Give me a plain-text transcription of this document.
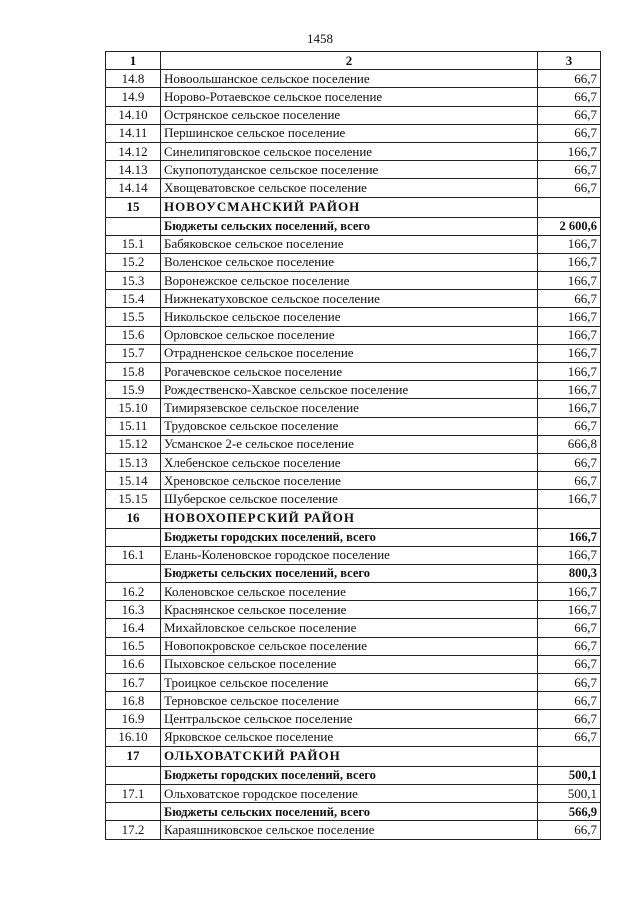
1458
1	2	3
14.8	Новоольшанское сельское поселение	66,7
14.9	Норово-Ротаевское сельское поселение	66,7
14.10	Острянское сельское поселение	66,7
14.11	Першинское сельское поселение	66,7
14.12	Синелипяговское сельское поселение	166,7
14.13	Скупопотуданское сельское поселение	66,7
14.14	Хвощеватовское сельское поселение	66,7
15	НОВОУСМАНСКИЙ РАЙОН	
	Бюджеты сельских поселений, всего	2 600,6
15.1	Бабяковское сельское поселение	166,7
15.2	Воленское сельское поселение	166,7
15.3	Воронежское сельское поселение	166,7
15.4	Нижнекатуховское сельское поселение	66,7
15.5	Никольское сельское поселение	166,7
15.6	Орловское сельское поселение	166,7
15.7	Отрадненское сельское поселение	166,7
15.8	Рогачевское сельское поселение	166,7
15.9	Рождественско-Хавское сельское поселение	166,7
15.10	Тимирязевское сельское поселение	166,7
15.11	Трудовское сельское поселение	66,7
15.12	Усманское 2-е сельское поселение	666,8
15.13	Хлебенское сельское поселение	66,7
15.14	Хреновское сельское поселение	66,7
15.15	Шуберское сельское поселение	166,7
16	НОВОХОПЕРСКИЙ РАЙОН	
	Бюджеты городских поселений, всего	166,7
16.1	Елань-Коленовское городское поселение	166,7
	Бюджеты сельских поселений, всего	800,3
16.2	Коленовское сельское поселение	166,7
16.3	Краснянское сельское поселение	166,7
16.4	Михайловское сельское поселение	66,7
16.5	Новопокровское сельское поселение	66,7
16.6	Пыховское сельское поселение	66,7
16.7	Троицкое сельское поселение	66,7
16.8	Терновское сельское поселение	66,7
16.9	Центральское сельское поселение	66,7
16.10	Ярковское сельское поселение	66,7
17	ОЛЬХОВАТСКИЙ РАЙОН	
	Бюджеты городских поселений, всего	500,1
17.1	Ольховатское городское поселение	500,1
	Бюджеты сельских поселений, всего	566,9
17.2	Караяшниковское сельское поселение	66,7
